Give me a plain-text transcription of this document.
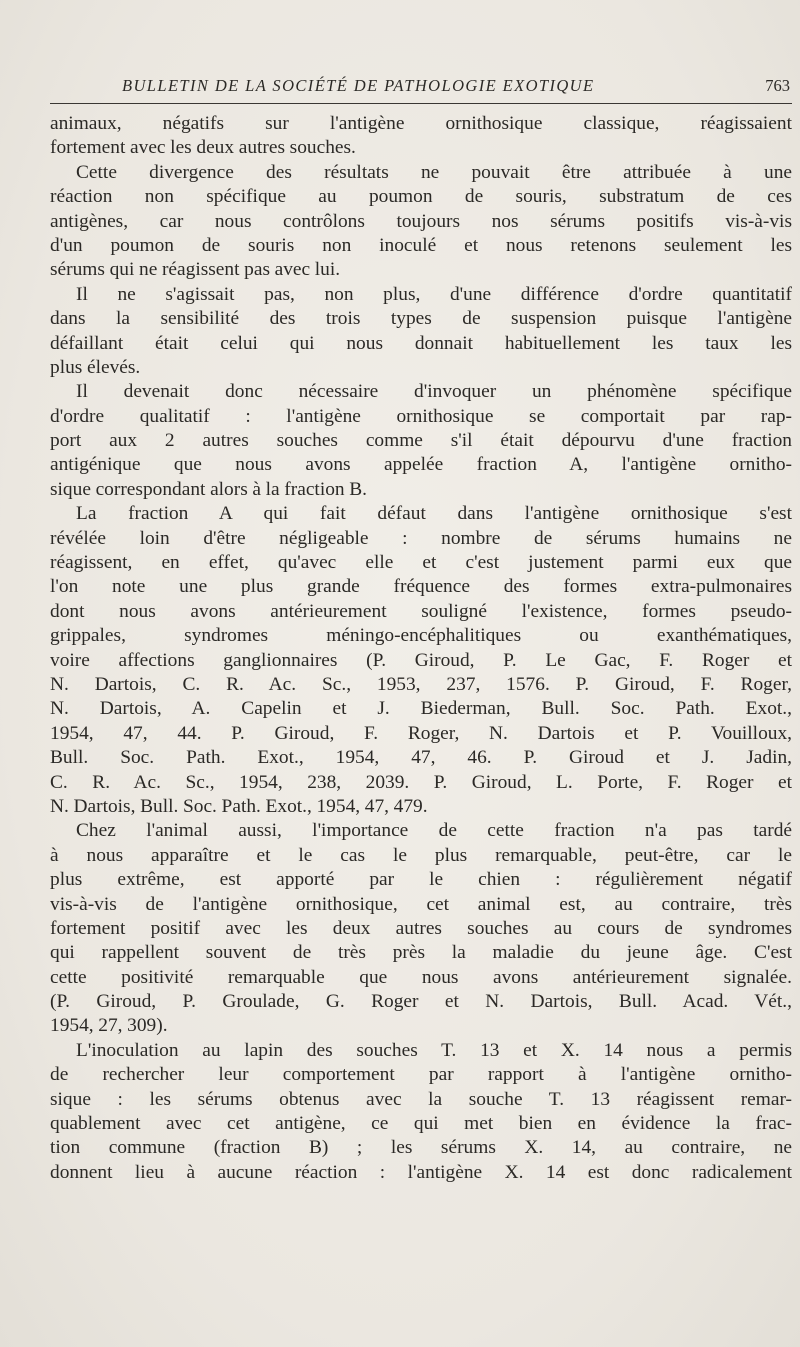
BULLETIN DE LA SOCIÉTÉ DE PATHOLOGIE EXOTIQUE	763
animaux, négatifs sur l'antigène ornithosique classique, réagissaient
fortement avec les deux autres souches.
Cette divergence des résultats ne pouvait être attribuée à une
réaction non spécifique au poumon de souris, substratum de ces
antigènes, car nous contrôlons toujours nos sérums positifs vis-à-vis
d'un poumon de souris non inoculé et nous retenons seulement les
sérums qui ne réagissent pas avec lui.
Il ne s'agissait pas, non plus, d'une différence d'ordre quantitatif
dans la sensibilité des trois types de suspension puisque l'antigène
défaillant était celui qui nous donnait habituellement les taux les
plus élevés.
Il devenait donc nécessaire d'invoquer un phénomène spécifique
d'ordre qualitatif : l'antigène ornithosique se comportait par rap-
port aux 2 autres souches comme s'il était dépourvu d'une fraction
antigénique que nous avons appelée fraction A, l'antigène ornitho-
sique correspondant alors à la fraction B.
La fraction A qui fait défaut dans l'antigène ornithosique s'est
révélée loin d'être négligeable : nombre de sérums humains ne
réagissent, en effet, qu'avec elle et c'est justement parmi eux que
l'on note une plus grande fréquence des formes extra-pulmonaires
dont nous avons antérieurement souligné l'existence, formes pseudo-
grippales, syndromes méningo-encéphalitiques ou exanthématiques,
voire affections ganglionnaires (P. Giroud, P. Le Gac, F. Roger et
N. Dartois, C. R. Ac. Sc., 1953, 237, 1576. P. Giroud, F. Roger,
N. Dartois, A. Capelin et J. Biederman, Bull. Soc. Path. Exot.,
1954, 47, 44. P. Giroud, F. Roger, N. Dartois et P. Vouilloux,
Bull. Soc. Path. Exot., 1954, 47, 46. P. Giroud et J. Jadin,
C. R. Ac. Sc., 1954, 238, 2039. P. Giroud, L. Porte, F. Roger et
N. Dartois, Bull. Soc. Path. Exot., 1954, 47, 479.
Chez l'animal aussi, l'importance de cette fraction n'a pas tardé
à nous apparaître et le cas le plus remarquable, peut-être, car le
plus extrême, est apporté par le chien : régulièrement négatif
vis-à-vis de l'antigène ornithosique, cet animal est, au contraire, très
fortement positif avec les deux autres souches au cours de syndromes
qui rappellent souvent de très près la maladie du jeune âge. C'est
cette positivité remarquable que nous avons antérieurement signalée.
(P. Giroud, P. Groulade, G. Roger et N. Dartois, Bull. Acad. Vét.,
1954, 27, 309).
L'inoculation au lapin des souches T. 13 et X. 14 nous a permis
de rechercher leur comportement par rapport à l'antigène ornitho-
sique : les sérums obtenus avec la souche T. 13 réagissent remar-
quablement avec cet antigène, ce qui met bien en évidence la frac-
tion commune (fraction B) ; les sérums X. 14, au contraire, ne
donnent lieu à aucune réaction : l'antigène X. 14 est donc radicalement
